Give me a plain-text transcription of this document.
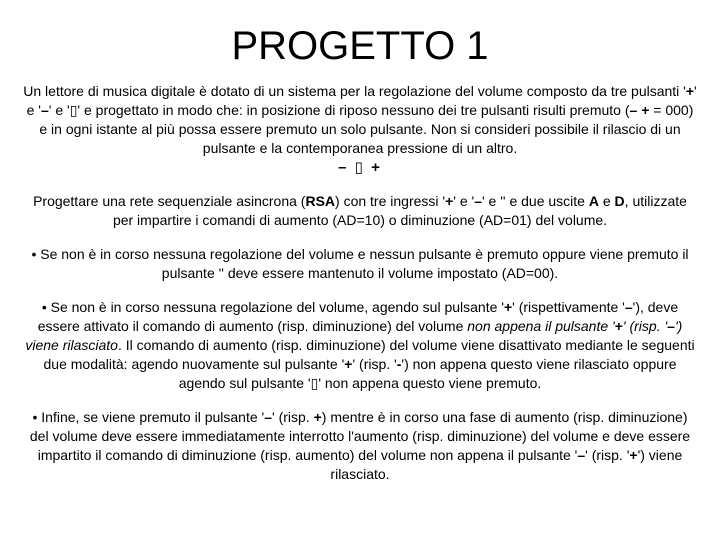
PROGETTO 1

Un lettore di musica digitale è dotato di un sistema per la regolazione del volume composto da tre pulsanti '+' e '–' e '▯' e progettato in modo che: in posizione di riposo nessuno dei tre pulsanti risulti premuto (– + = 000) e in ogni istante al più possa essere premuto un solo pulsante. Non si consideri possibile il rilascio di un pulsante e la contemporanea pressione di un altro.

– ▯ +

Progettare una rete sequenziale asincrona (RSA) con tre ingressi '+' e '–' e '' e due uscite A e D, utilizzate per impartire i comandi di aumento (AD=10) o diminuzione (AD=01) del volume.

• Se non è in corso nessuna regolazione del volume e nessun pulsante è premuto oppure viene premuto il pulsante '' deve essere mantenuto il volume impostato (AD=00).

• Se non è in corso nessuna regolazione del volume, agendo sul pulsante '+' (rispettivamente '–'), deve essere attivato il comando di aumento (risp. diminuzione) del volume non appena il pulsante '+' (risp. '–') viene rilasciato. Il comando di aumento (risp. diminuzione) del volume viene disattivato mediante le seguenti due modalità: agendo nuovamente sul pulsante '+' (risp. '-') non appena questo viene rilasciato oppure agendo sul pulsante '▯' non appena questo viene premuto.

• Infine, se viene premuto il pulsante '–' (risp. +) mentre è in corso una fase di aumento (risp. diminuzione) del volume deve essere immediatamente interrotto l'aumento (risp. diminuzione) del volume e deve essere impartito il comando di diminuzione (risp. aumento) del volume non appena il pulsante '–' (risp. '+') viene rilasciato.
